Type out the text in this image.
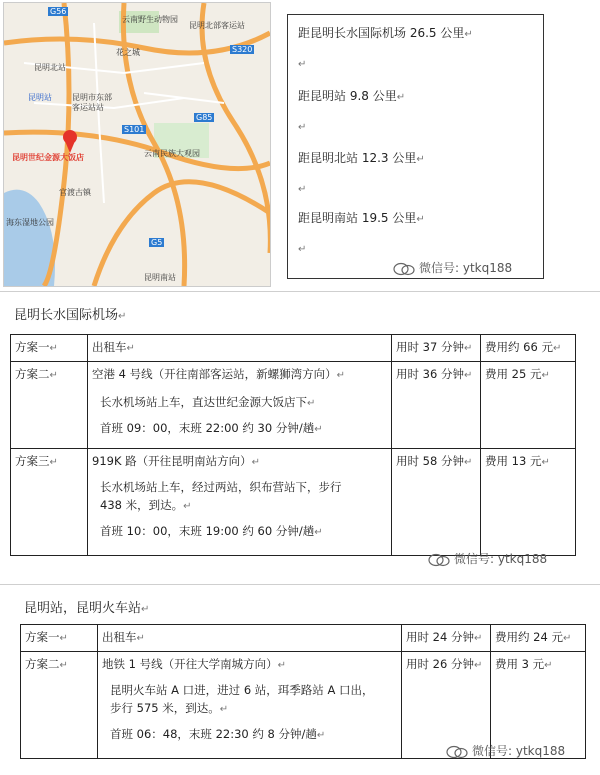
云南野生动物园
昆明北部客运站
花之城
昆明北站
昆明站	昆明市东部
客运站站
昆明世纪金源大饭店
官渡古镇
云南民族大观园
海东湿地公园
昆明南站
G56
S101
G85
S320
G5
距昆明长水国际机场 26.5 公里↵
↵
距昆明站 9.8 公里↵
↵
距昆明北站 12.3 公里↵
↵
距昆明南站 19.5 公里↵
↵
微信号: ytkq188
昆明长水国际机场↵
方案一↵	出租车↵	用时 37 分钟↵	费用约 66 元↵
方案二↵	空港 4 号线（开往南部客运站，新螺狮湾方向）↵
长水机场站上车，直达世纪金源大饭店下↵
首班 09：00，末班 22:00 约 30 分钟/趟↵	用时 36 分钟↵	费用 25 元↵
方案三↵	919K 路（开往昆明南站方向）↵
长水机场站上车，经过两站，织布营站下，步行
438 米，到达。↵
首班 10：00，末班 19:00 约 60 分钟/趟↵	用时 58 分钟↵	费用 13 元↵
微信号: ytkq188
昆明站，昆明火车站↵
方案一↵	出租车↵	用时 24 分钟↵	费用约 24 元↵
方案二↵	地铁 1 号线（开往大学南城方向）↵
昆明火车站 A 口进，进过 6 站，珥季路站 A 口出，
步行 575 米，到达。↵
首班 06：48，末班 22:30 约 8 分钟/趟↵	用时 26 分钟↵	费用 3 元↵
微信号: ytkq188
